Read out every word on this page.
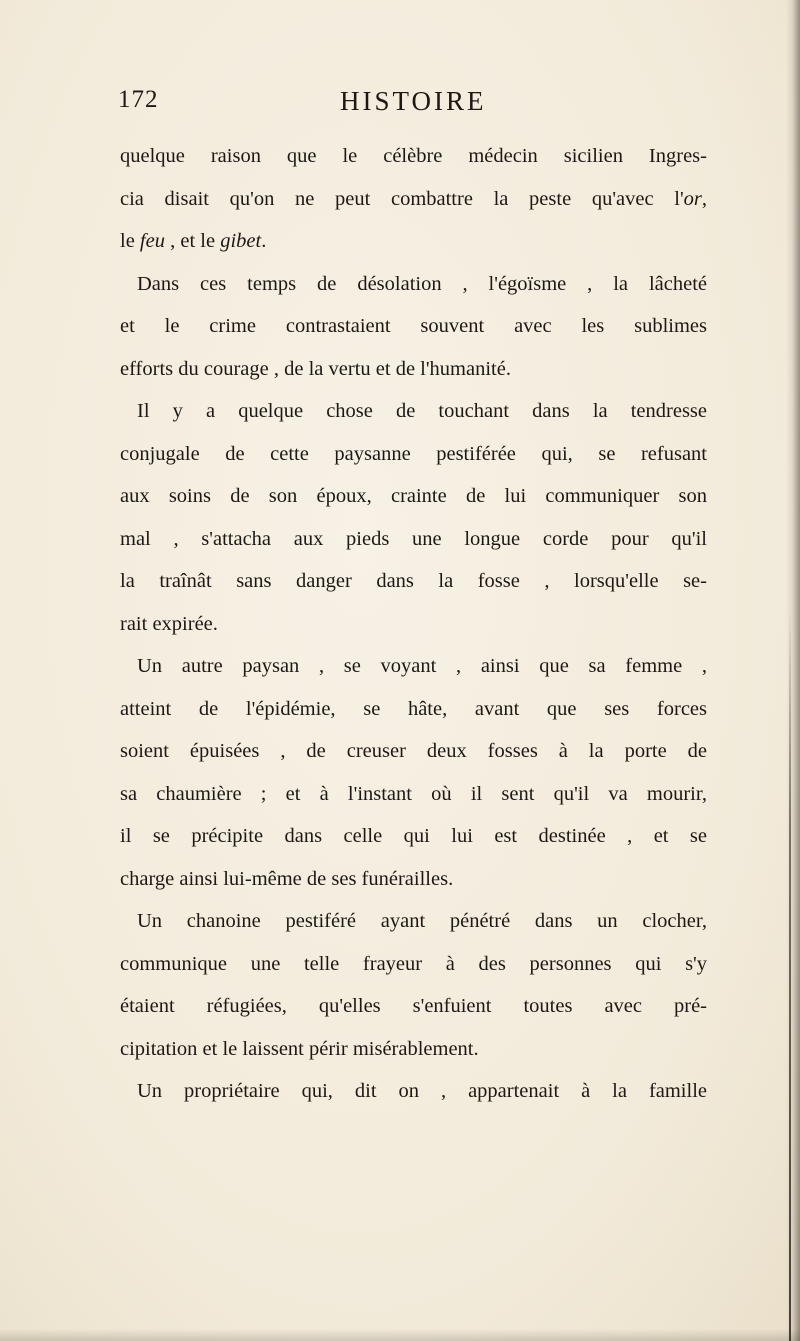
172	HISTOIRE
quelque raison que le célèbre médecin sicilien Ingres-
cia disait qu'on ne peut combattre la peste qu'avec l'or,
le feu , et le gibet.
Dans ces temps de désolation , l'égoïsme , la lâcheté
et le crime contrastaient souvent avec les sublimes
efforts du courage , de la vertu et de l'humanité.
Il y a quelque chose de touchant dans la tendresse
conjugale de cette paysanne pestiférée qui, se refusant
aux soins de son époux, crainte de lui communiquer son
mal , s'attacha aux pieds une longue corde pour qu'il
la traînât sans danger dans la fosse , lorsqu'elle se-
rait expirée.
Un autre paysan , se voyant , ainsi que sa femme ,
atteint de l'épidémie, se hâte, avant que ses forces
soient épuisées , de creuser deux fosses à la porte de
sa chaumière ; et à l'instant où il sent qu'il va mourir,
il se précipite dans celle qui lui est destinée , et se
charge ainsi lui-même de ses funérailles.
Un chanoine pestiféré ayant pénétré dans un clocher,
communique une telle frayeur à des personnes qui s'y
étaient réfugiées, qu'elles s'enfuient toutes avec pré-
cipitation et le laissent périr misérablement.
Un propriétaire qui, dit on , appartenait à la famille
